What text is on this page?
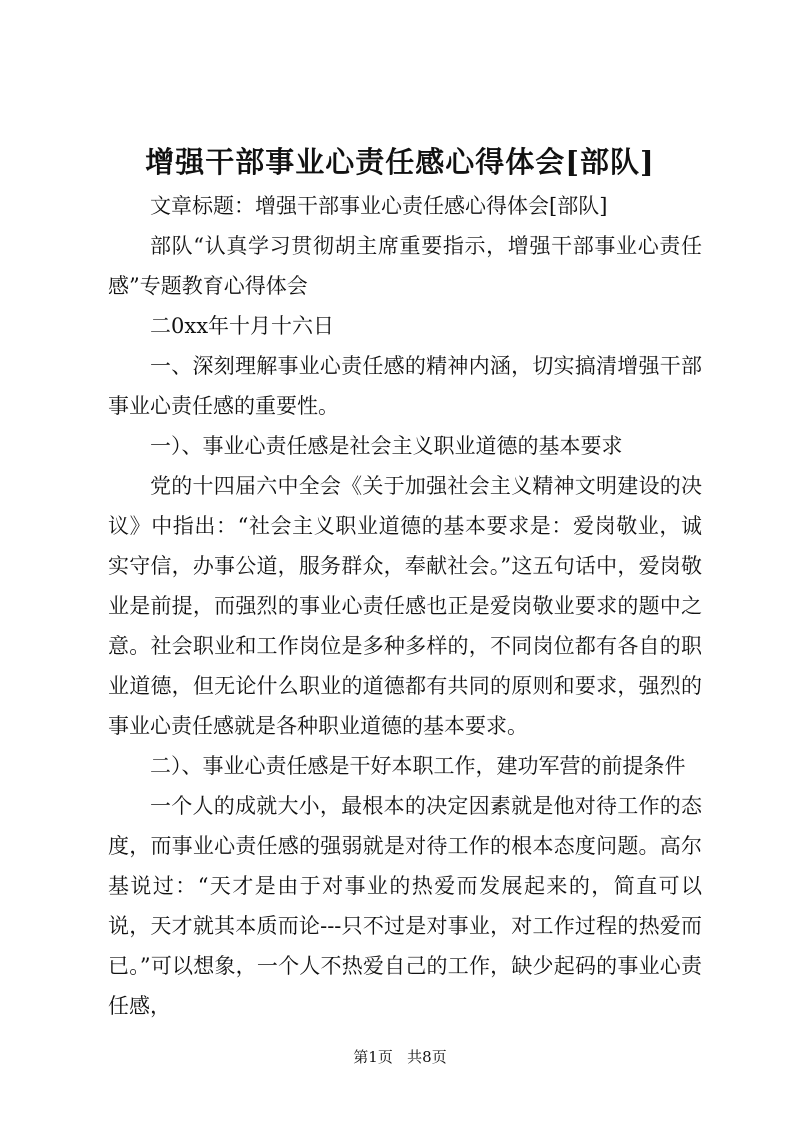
增强干部事业心责任感心得体会[部队]

文章标题：增强干部事业心责任感心得体会[部队]

部队“认真学习贯彻胡主席重要指示，增强干部事业心责任感”专题教育心得体会

二0xx年十月十六日

一、深刻理解事业心责任感的精神内涵，切实搞清增强干部事业心责任感的重要性。

一）、事业心责任感是社会主义职业道德的基本要求

党的十四届六中全会《关于加强社会主义精神文明建设的决议》中指出：“社会主义职业道德的基本要求是：爱岗敬业，诚实守信，办事公道，服务群众，奉献社会。”这五句话中，爱岗敬业是前提，而强烈的事业心责任感也正是爱岗敬业要求的题中之意。社会职业和工作岗位是多种多样的，不同岗位都有各自的职业道德，但无论什么职业的道德都有共同的原则和要求，强烈的事业心责任感就是各种职业道德的基本要求。

二）、事业心责任感是干好本职工作，建功军营的前提条件

一个人的成就大小，最根本的决定因素就是他对待工作的态度，而事业心责任感的强弱就是对待工作的根本态度问题。高尔基说过：“天才是由于对事业的热爱而发展起来的，简直可以说，天才就其本质而论---只不过是对事业，对工作过程的热爱而已。”可以想象，一个人不热爱自己的工作，缺少起码的事业心责任感，

第1页 共8页
